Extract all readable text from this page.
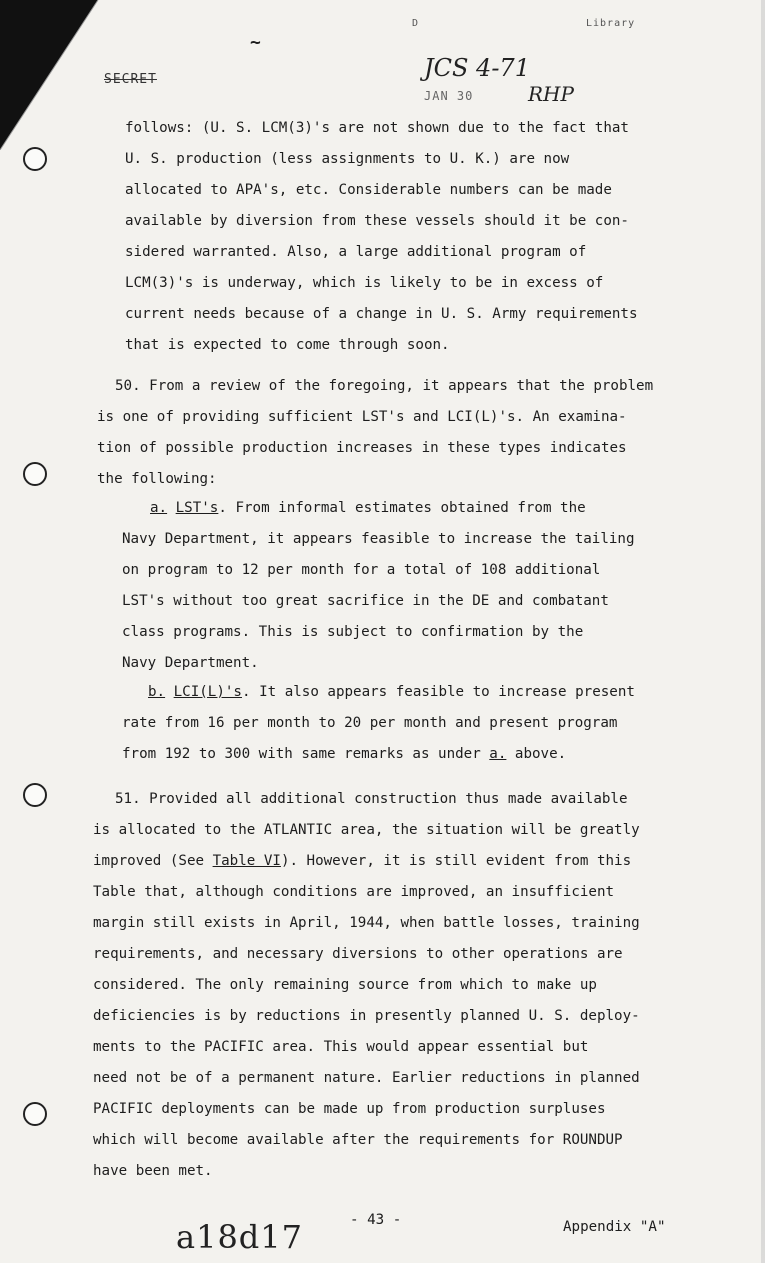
D	Library
~
SECRET	JCS 4-71
JAN 30	RHP
follows: (U. S. LCM(3)'s are not shown due to the fact that
U. S. production (less assignments to U. K.) are now
allocated to APA's, etc. Considerable numbers can be made
available by diversion from these vessels should it be con-
sidered warranted. Also, a large additional program of
LCM(3)'s is underway, which is likely to be in excess of
current needs because of a change in U. S. Army requirements
that is expected to come through soon.
50. From a review of the foregoing, it appears that the problem
is one of providing sufficient LST's and LCI(L)'s. An examina-
tion of possible production increases in these types indicates
the following:
a. LST's. From informal estimates obtained from the
Navy Department, it appears feasible to increase the tailing
on program to 12 per month for a total of 108 additional
LST's without too great sacrifice in the DE and combatant
class programs. This is subject to confirmation by the
Navy Department.
b. LCI(L)'s. It also appears feasible to increase present
rate from 16 per month to 20 per month and present program
from 192 to 300 with same remarks as under a. above.
51. Provided all additional construction thus made available
is allocated to the ATLANTIC area, the situation will be greatly
improved (See Table VI). However, it is still evident from this
Table that, although conditions are improved, an insufficient
margin still exists in April, 1944, when battle losses, training
requirements, and necessary diversions to other operations are
considered. The only remaining source from which to make up
deficiencies is by reductions in presently planned U. S. deploy-
ments to the PACIFIC area. This would appear essential but
need not be of a permanent nature. Earlier reductions in planned
PACIFIC deployments can be made up from production surpluses
which will become available after the requirements for ROUNDUP
have been met.
a18d17	- 43 -	Appendix "A"
